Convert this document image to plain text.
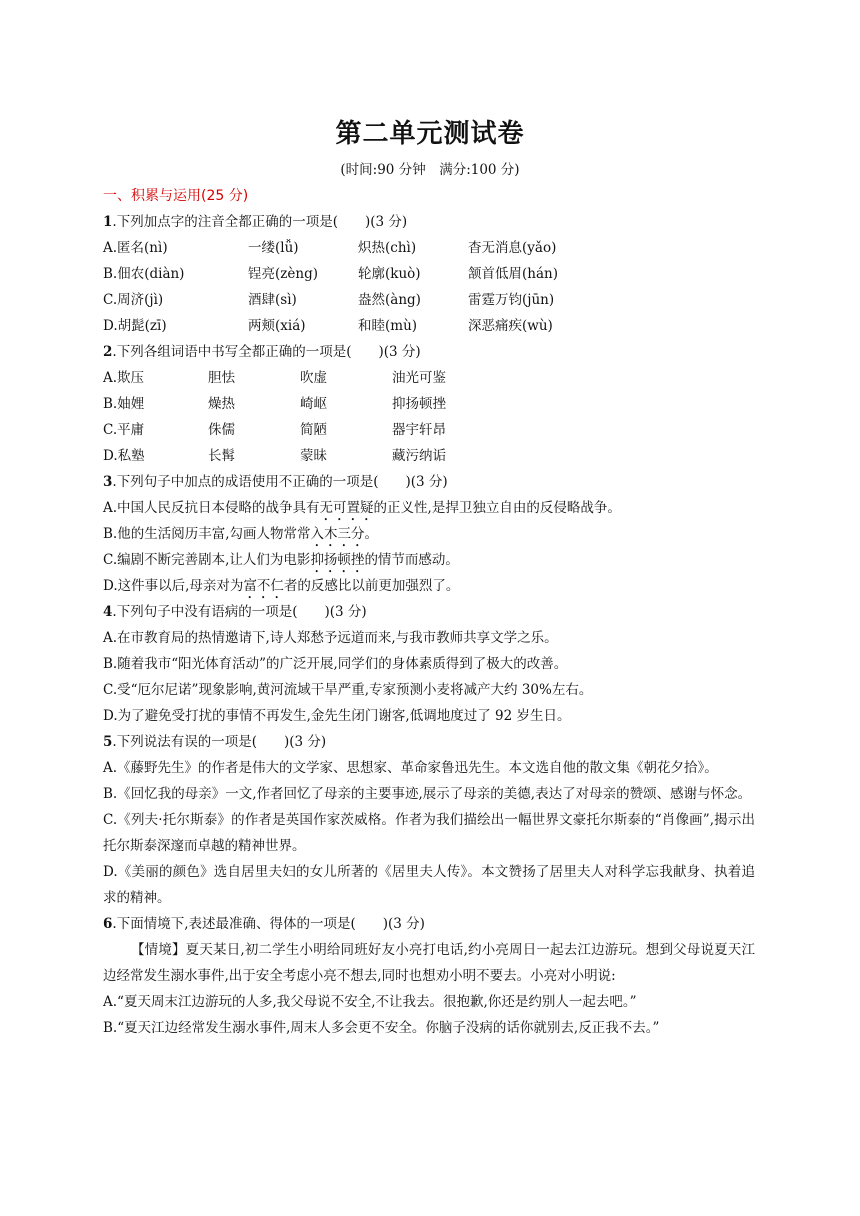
第二单元测试卷
(时间:90 分钟　满分:100 分)
一、积累与运用(25 分)
1.下列加点字的注音全都正确的一项是(　　)(3 分)
A.匿名(nì)	一缕(lǚ)	炽热(chì)	杳无消息(yǎo)
B.佃农(diàn)	锃亮(zèng)	轮廓(kuò)	颔首低眉(hán)
C.周济(jì)	酒肆(sì)	盎然(àng)	雷霆万钧(jūn)
D.胡髭(zī)	两颊(xiá)	和睦(mù)	深恶痛疾(wù)
2.下列各组词语中书写全都正确的一项是(　　)(3 分)
A.欺压	胆怯	吹虚	油光可鉴
B.妯娌	燥热	崎岖	抑扬顿挫
C.平庸	侏儒	简陋	器宇轩昂
D.私塾	长髯	蒙昧	藏污纳诟
3.下列句子中加点的成语使用不正确的一项是(　　)(3 分)
A.中国人民反抗日本侵略的战争具有无可置疑的正义性,是捍卫独立自由的反侵略战争。
B.他的生活阅历丰富,勾画人物常常入木三分。
C.编剧不断完善剧本,让人们为电影抑扬顿挫的情节而感动。
D.这件事以后,母亲对为富不仁者的反感比以前更加强烈了。
4.下列句子中没有语病的一项是(　　)(3 分)
A.在市教育局的热情邀请下,诗人郑愁予远道而来,与我市教师共享文学之乐。
B.随着我市“阳光体育活动”的广泛开展,同学们的身体素质得到了极大的改善。
C.受“厄尔尼诺”现象影响,黄河流域干旱严重,专家预测小麦将减产大约 30%左右。
D.为了避免受打扰的事情不再发生,金先生闭门谢客,低调地度过了 92 岁生日。
5.下列说法有误的一项是(　　)(3 分)
A.《藤野先生》的作者是伟大的文学家、思想家、革命家鲁迅先生。本文选自他的散文集《朝花夕拾》。
B.《回忆我的母亲》一文,作者回忆了母亲的主要事迹,展示了母亲的美德,表达了对母亲的赞颂、感谢与怀念。
C.《列夫·托尔斯泰》的作者是英国作家茨威格。作者为我们描绘出一幅世界文豪托尔斯泰的“肖像画”,揭示出托尔斯泰深邃而卓越的精神世界。
D.《美丽的颜色》选自居里夫妇的女儿所著的《居里夫人传》。本文赞扬了居里夫人对科学忘我献身、执着追求的精神。
6.下面情境下,表述最准确、得体的一项是(　　)(3 分)
【情境】夏天某日,初二学生小明给同班好友小亮打电话,约小亮周日一起去江边游玩。想到父母说夏天江边经常发生溺水事件,出于安全考虑小亮不想去,同时也想劝小明不要去。小亮对小明说:
A.“夏天周末江边游玩的人多,我父母说不安全,不让我去。很抱歉,你还是约别人一起去吧。”
B.“夏天江边经常发生溺水事件,周末人多会更不安全。你脑子没病的话你就别去,反正我不去。”
